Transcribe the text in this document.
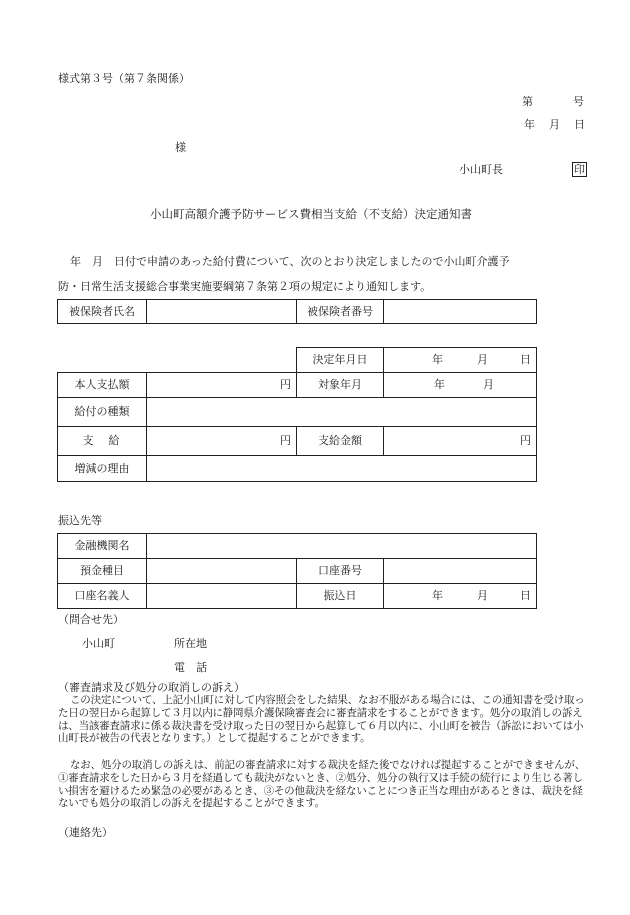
様式第３号（第７条関係）
第	号
年 月 日
様
小山町長	印
小山町高額介護予防サービス費相当支給（不支給）決定通知書
年　月　日付で申請のあった給付費について、次のとおり決定しましたので小山町介護予
防・日常生活支援総合事業実施要綱第７条第２項の規定により通知します。
被保険者氏名		被保険者番号	
		決定年月日	年 月 日
本人支払額	円	対象年月	年 月
給付の種類			
支　給	円	支給金額	円
増減の理由			
振込先等
金融機関名			
預金種目		口座番号	
口座名義人		振込日	年 月 日
（問合せ先）
小山町	所在地
電　話
（審査請求及び処分の取消しの訴え）
この決定について、上記小山町に対して内容照会をした結果、なお不服がある場合には、この通知書を受け取った日の翌日から起算して３月以内に静岡県介護保険審査会に審査請求をすることができます。処分の取消しの訴えは、当該審査請求に係る裁決書を受け取った日の翌日から起算して６月以内に、小山町を被告（訴訟においては小山町長が被告の代表となります。）として提起することができます。
なお、処分の取消しの訴えは、前記の審査請求に対する裁決を経た後でなければ提起することができませんが、①審査請求をした日から３月を経過しても裁決がないとき、②処分、処分の執行又は手続の続行により生じる著しい損害を避けるため緊急の必要があるとき、③その他裁決を経ないことにつき正当な理由があるときは、裁決を経ないでも処分の取消しの訴えを提起することができます。
（連絡先）
